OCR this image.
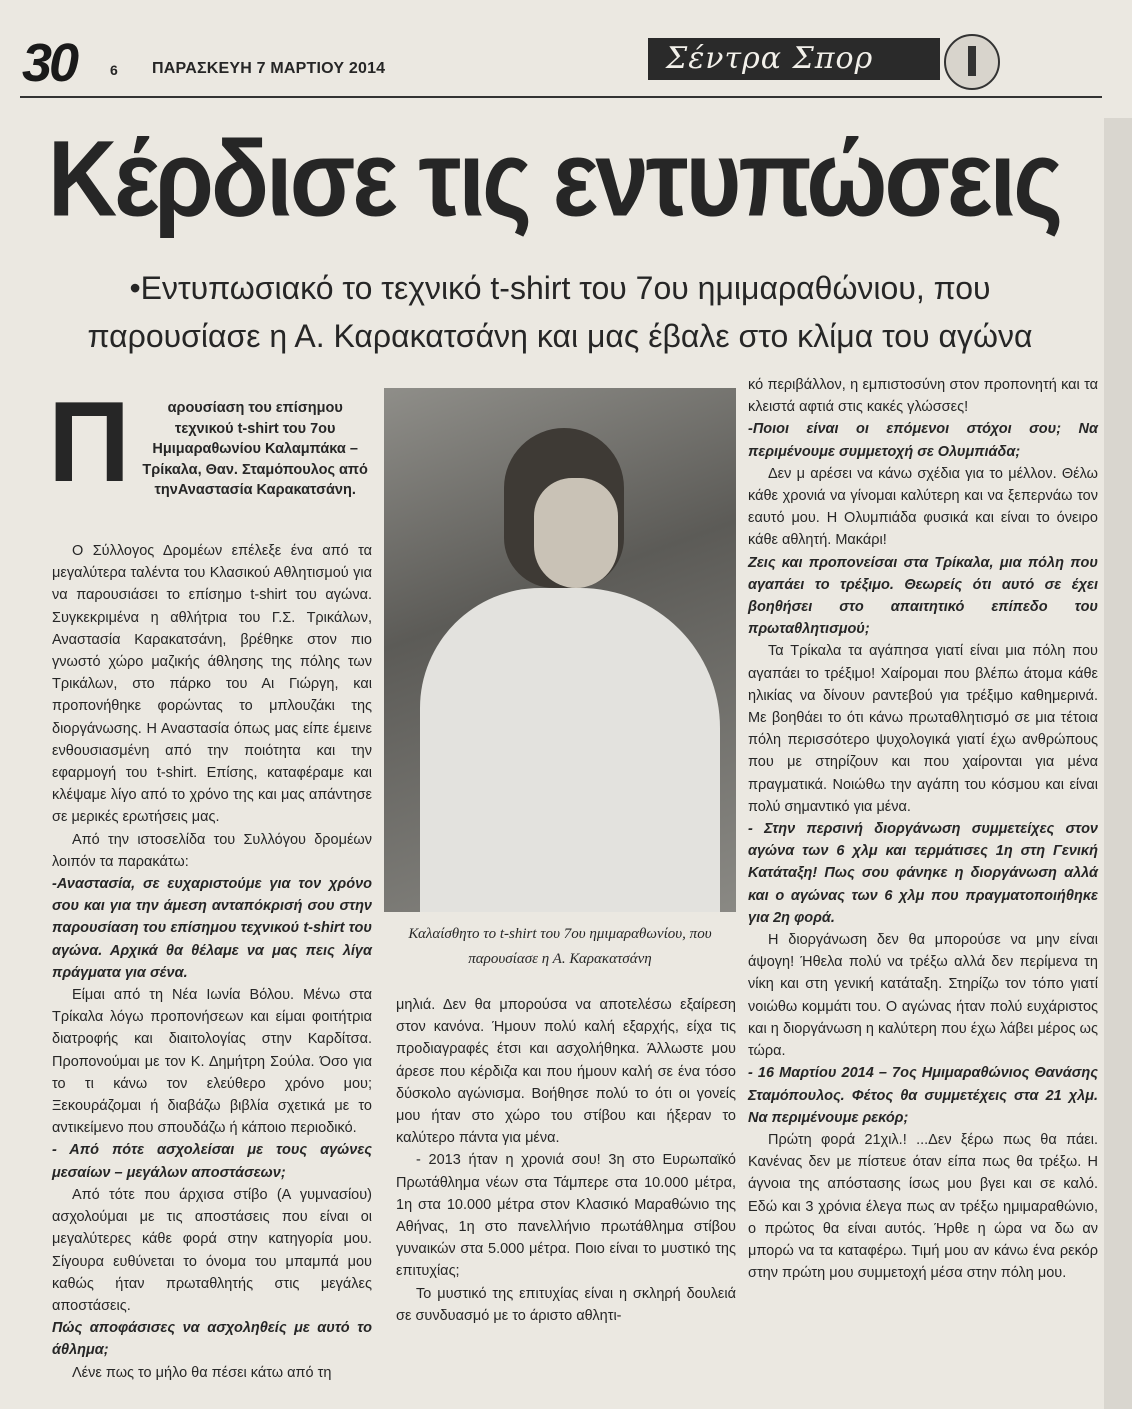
30 6 ΠΑΡΑΣΚΕΥΗ 7 ΜΑΡΤΙΟΥ 2014	Σέντρα Σπορ
Κέρδισε τις εντυπώσεις
•Εντυπωσιακό το τεχνικό t-shirt του 7ου ημιμαραθώνιου, που
παρουσίασε η Α. Καρακατσάνη και μας έβαλε στο κλίμα του αγώνα
Π	αρουσίαση του επίσημου τεχνικού t-shirt του 7ου Ημιμαραθωνίου Καλαμπάκα – Τρίκαλα, Θαν. Σταμόπουλος από τηνΑναστασία Καρακατσάνη.

Ο Σύλλογος Δρομέων επέλεξε ένα από τα μεγαλύτερα ταλέντα του Κλασικού Αθλητισμού για να παρουσιάσει το επίσημο t-shirt του αγώνα. Συγκεκριμένα η αθλήτρια του Γ.Σ. Τρικάλων, Αναστασία Καρακατσάνη, βρέθηκε στον πιο γνωστό χώρο μαζικής άθλησης της πόλης των Τρικάλων, στο πάρκο του Αι Γιώργη, και προπονήθηκε φορώντας το μπλουζάκι της διοργάνωσης. Η Αναστασία όπως μας είπε έμεινε ενθουσιασμένη από την ποιότητα και την εφαρμογή του t-shirt. Επίσης, καταφέραμε και κλέψαμε λίγο από το χρόνο της και μας απάντησε σε μερικές ερωτήσεις μας.

Από την ιστοσελίδα του Συλλόγου δρομέων λοιπόν τα παρακάτω:

-Αναστασία, σε ευχαριστούμε για τον χρόνο σου και για την άμεση ανταπόκρισή σου στην παρουσίαση του επίσημου τεχνικού t-shirt του αγώνα. Αρχικά θα θέλαμε να μας πεις λίγα πράγματα για σένα.

Είμαι από τη Νέα Ιωνία Βόλου. Μένω στα Τρίκαλα λόγω προπονήσεων και είμαι φοιτήτρια διατροφής και διαιτολογίας στην Καρδίτσα. Προπονούμαι με τον Κ. Δημήτρη Σούλα. Όσο για το τι κάνω τον ελεύθερο χρόνο μου; Ξεκουράζομαι ή διαβάζω βιβλία σχετικά με το αντικείμενο που σπουδάζω ή κάποιο περιοδικό.

- Από πότε ασχολείσαι με τους αγώνες μεσαίων – μεγάλων αποστάσεων;

Από τότε που άρχισα στίβο (Α γυμνασίου) ασχολούμαι με τις αποστάσεις που είναι οι μεγαλύτερες κάθε φορά στην κατηγορία μου. Σίγουρα ευθύνεται το όνομα του μπαμπά μου καθώς ήταν πρωταθλητής στις μεγάλες αποστάσεις.

Πώς αποφάσισες να ασχοληθείς με αυτό το άθλημα;

Λένε πως το μήλο θα πέσει κάτω από τη

Καλαίσθητο το t-shirt του 7ου ημιμαραθωνίου, που παρουσίασε η Α. Καρακατσάνη

μηλιά. Δεν θα μπορούσα να αποτελέσω εξαίρεση στον κανόνα. Ήμουν πολύ καλή εξαρχής, είχα τις προδιαγραφές έτσι και ασχολήθηκα. Άλλωστε μου άρεσε που κέρδιζα και που ήμουν καλή σε ένα τόσο δύσκολο αγώνισμα. Βοήθησε πολύ το ότι οι γονείς μου ήταν στο χώρο του στίβου και ήξεραν το καλύτερο πάντα για μένα.

- 2013 ήταν η χρονιά σου! 3η στο Ευρωπαϊκό Πρωτάθλημα νέων στα Τάμπερε στα 10.000 μέτρα, 1η στα 10.000 μέτρα στον Κλασικό Μαραθώνιο της Αθήνας, 1η στο πανελλήνιο πρωτάθλημα στίβου γυναικών στα 5.000 μέτρα. Ποιο είναι το μυστικό της επιτυχίας;

Το μυστικό της επιτυχίας είναι η σκληρή δουλειά σε συνδυασμό με το άριστο αθλητι-

κό περιβάλλον, η εμπιστοσύνη στον προπονητή και τα κλειστά αφτιά στις κακές γλώσσες!

-Ποιοι είναι οι επόμενοι στόχοι σου; Να περιμένουμε συμμετοχή σε Ολυμπιάδα;

Δεν μ αρέσει να κάνω σχέδια για το μέλλον. Θέλω κάθε χρονιά να γίνομαι καλύτερη και να ξεπερνάω τον εαυτό μου. Η Ολυμπιάδα φυσικά και είναι το όνειρο κάθε αθλητή. Μακάρι!

Ζεις και προπονείσαι στα Τρίκαλα, μια πόλη που αγαπάει το τρέξιμο. Θεωρείς ότι αυτό σε έχει βοηθήσει στο απαιτητικό επίπεδο του πρωταθλητισμού;

Τα Τρίκαλα τα αγάπησα γιατί είναι μια πόλη που αγαπάει το τρέξιμο! Χαίρομαι που βλέπω άτομα κάθε ηλικίας να δίνουν ραντεβού για τρέξιμο καθημερινά. Με βοηθάει το ότι κάνω πρωταθλητισμό σε μια τέτοια πόλη περισσότερο ψυχολογικά γιατί έχω ανθρώπους που με στηρίζουν και που χαίρονται για μένα πραγματικά. Νοιώθω την αγάπη του κόσμου και είναι πολύ σημαντικό για μένα.

- Στην περσινή διοργάνωση συμμετείχες στον αγώνα των 6 χλμ και τερμάτισες 1η στη Γενική Κατάταξη! Πως σου φάνηκε η διοργάνωση αλλά και ο αγώνας των 6 χλμ που πραγματοποιήθηκε για 2η φορά.

Η διοργάνωση δεν θα μπορούσε να μην είναι άψογη! Ήθελα πολύ να τρέξω αλλά δεν περίμενα τη νίκη και στη γενική κατάταξη. Στηρίζω τον τόπο γιατί νοιώθω κομμάτι του. Ο αγώνας ήταν πολύ ευχάριστος και η διοργάνωση η καλύτερη που έχω λάβει μέρος ως τώρα.

- 16 Μαρτίου 2014 – 7ος Ημιμαραθώνιος Θανάσης Σταμόπουλος. Φέτος θα συμμετέχεις στα 21 χλμ. Να περιμένουμε ρεκόρ;

Πρώτη φορά 21χιλ.! ...Δεν ξέρω πως θα πάει. Κανένας δεν με πίστευε όταν είπα πως θα τρέξω. Η άγνοια της απόστασης ίσως μου βγει και σε καλό. Εδώ και 3 χρόνια έλεγα πως αν τρέξω ημιμαραθώνιο, ο πρώτος θα είναι αυτός. Ήρθε η ώρα να δω αν μπορώ να τα καταφέρω. Τιμή μου αν κάνω ένα ρεκόρ στην πρώτη μου συμμετοχή μέσα στην πόλη μου.
